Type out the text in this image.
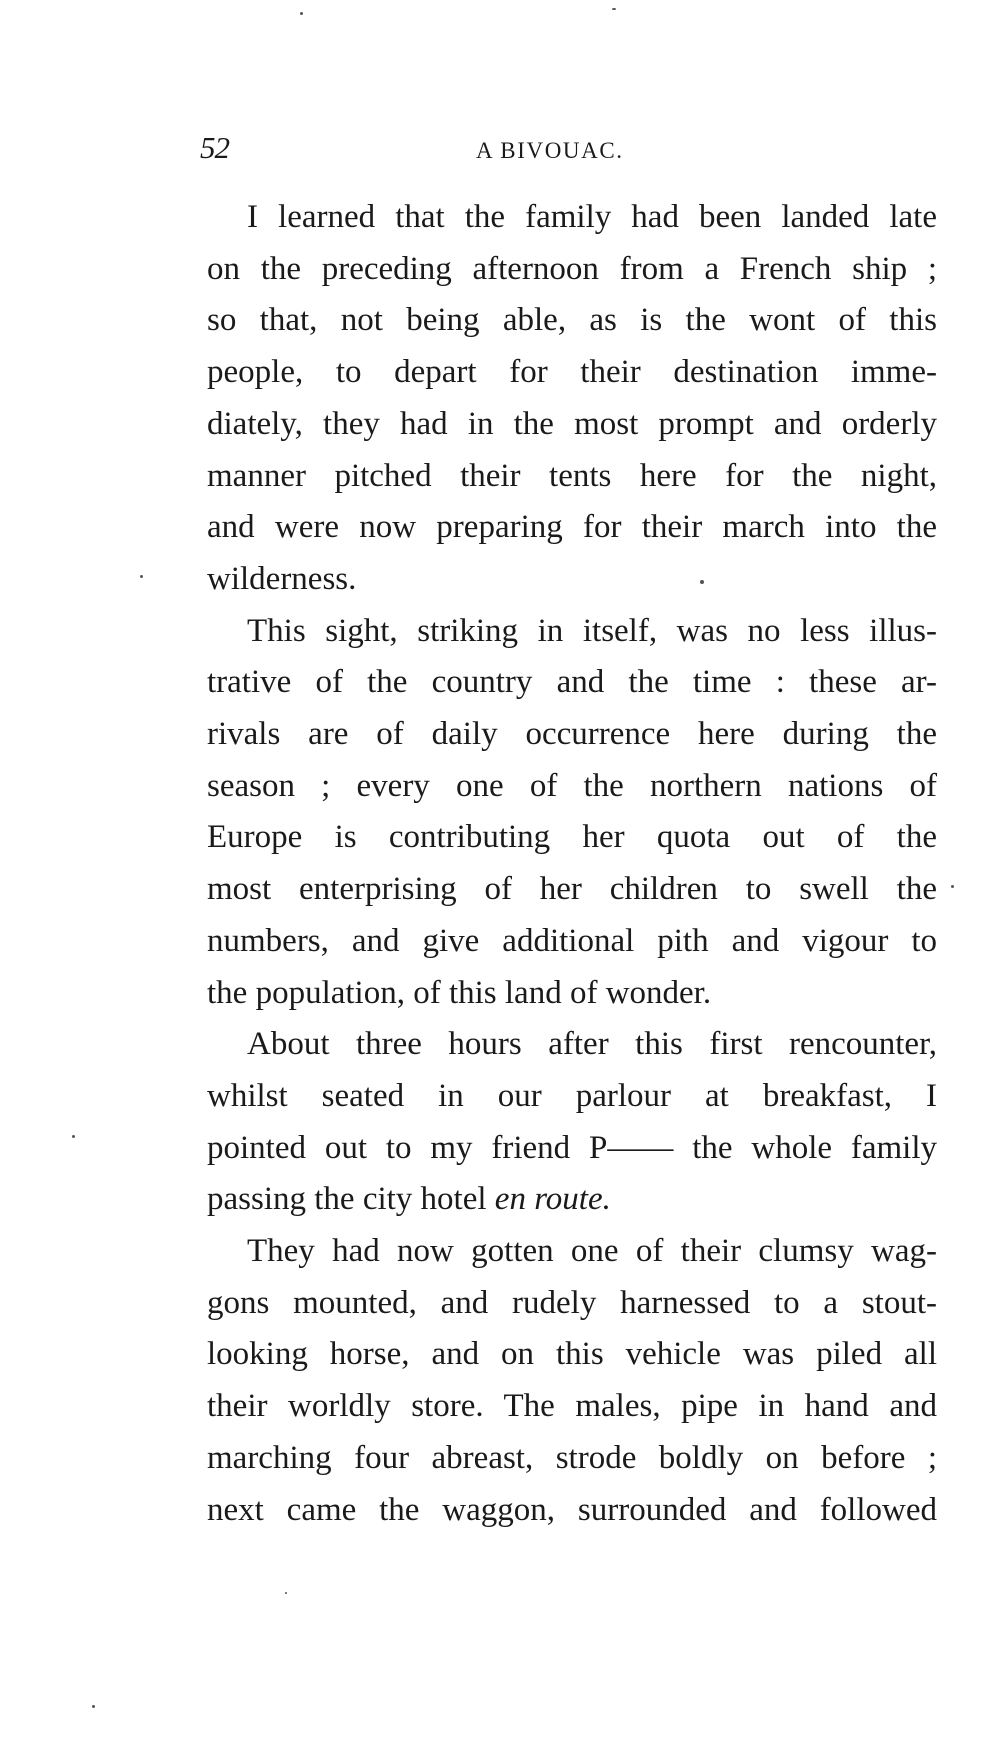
52	A BIVOUAC.
I learned that the family had been landed late
on the preceding afternoon from a French ship ;
so that, not being able, as is the wont of this
people, to depart for their destination imme-
diately, they had in the most prompt and orderly
manner pitched their tents here for the night,
and were now preparing for their march into the
wilderness.
This sight, striking in itself, was no less illus-
trative of the country and the time : these ar-
rivals are of daily occurrence here during the
season ; every one of the northern nations of
Europe is contributing her quota out of the
most enterprising of her children to swell the
numbers, and give additional pith and vigour to
the population, of this land of wonder.
About three hours after this first rencounter,
whilst seated in our parlour at breakfast, I
pointed out to my friend P—— the whole family
passing the city hotel en route.
They had now gotten one of their clumsy wag-
gons mounted, and rudely harnessed to a stout-
looking horse, and on this vehicle was piled all
their worldly store. The males, pipe in hand and
marching four abreast, strode boldly on before ;
next came the waggon, surrounded and followed
